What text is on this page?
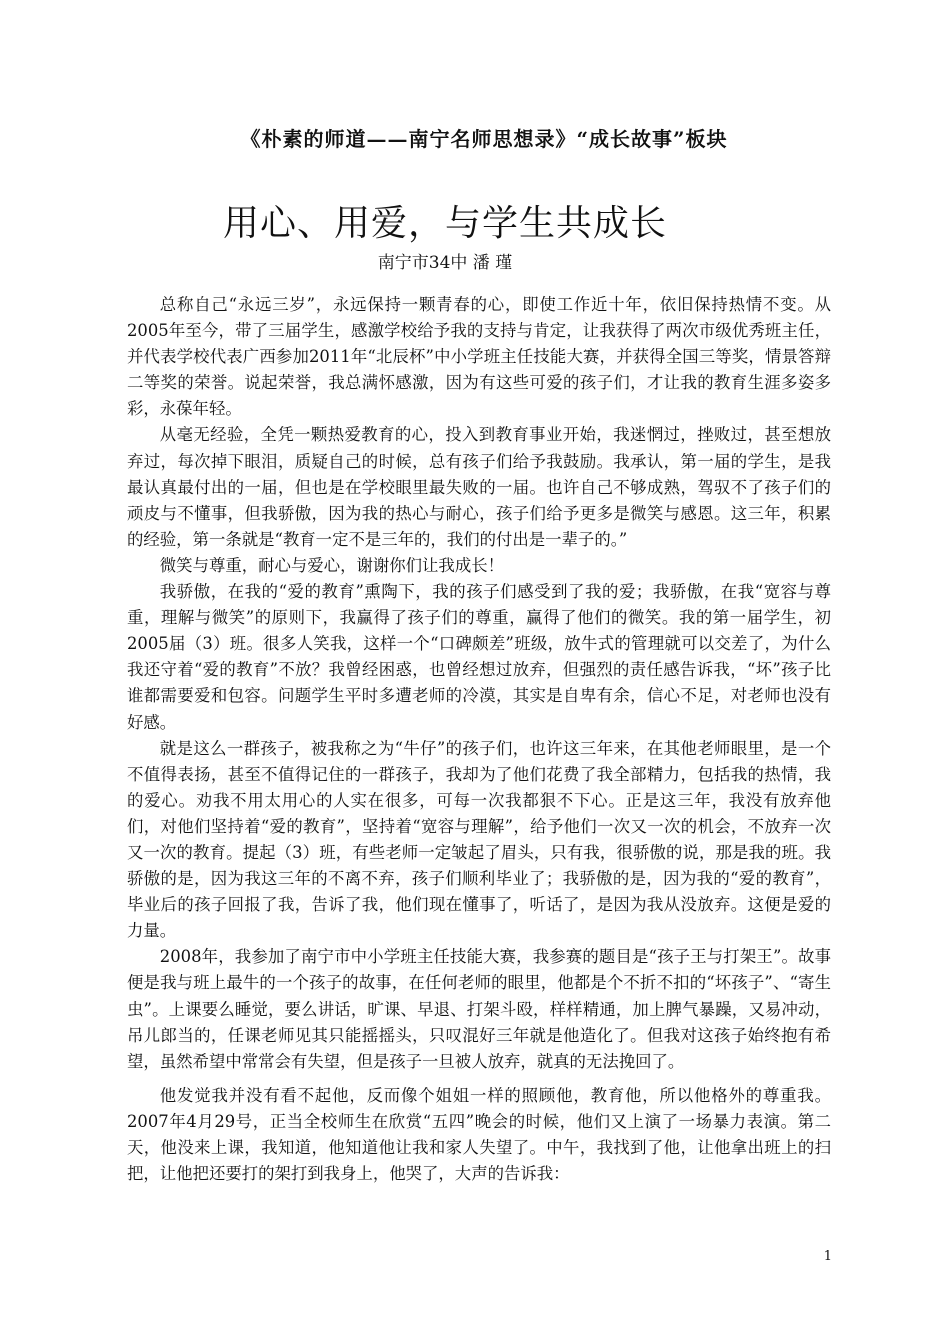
《朴素的师道——南宁名师思想录》“成长故事”板块
用心、用爱，与学生共成长
南宁市34中 潘 瑾

总称自己“永远三岁”，永远保持一颗青春的心，即使工作近十年，依旧保持热情不变。从2005年至今，带了三届学生，感激学校给予我的支持与肯定，让我获得了两次市级优秀班主任，并代表学校代表广西参加2011年“北辰杯”中小学班主任技能大赛，并获得全国三等奖，情景答辩二等奖的荣誉。说起荣誉，我总满怀感激，因为有这些可爱的孩子们，才让我的教育生涯多姿多彩，永葆年轻。

从毫无经验，全凭一颗热爱教育的心，投入到教育事业开始，我迷惘过，挫败过，甚至想放弃过，每次掉下眼泪，质疑自己的时候，总有孩子们给予我鼓励。我承认，第一届的学生，是我最认真最付出的一届，但也是在学校眼里最失败的一届。也许自己不够成熟，驾驭不了孩子们的顽皮与不懂事，但我骄傲，因为我的热心与耐心，孩子们给予更多是微笑与感恩。这三年，积累的经验，第一条就是“教育一定不是三年的，我们的付出是一辈子的。”

微笑与尊重，耐心与爱心，谢谢你们让我成长！

我骄傲，在我的“爱的教育”熏陶下，我的孩子们感受到了我的爱；我骄傲，在我“宽容与尊重，理解与微笑”的原则下，我赢得了孩子们的尊重，赢得了他们的微笑。我的第一届学生，初2005届（3）班。很多人笑我，这样一个“口碑颇差”班级，放牛式的管理就可以交差了，为什么我还守着“爱的教育”不放？我曾经困惑，也曾经想过放弃，但强烈的责任感告诉我，“坏”孩子比谁都需要爱和包容。问题学生平时多遭老师的冷漠，其实是自卑有余，信心不足，对老师也没有好感。

就是这么一群孩子，被我称之为“牛仔”的孩子们，也许这三年来，在其他老师眼里，是一个不值得表扬，甚至不值得记住的一群孩子，我却为了他们花费了我全部精力，包括我的热情，我的爱心。劝我不用太用心的人实在很多，可每一次我都狠不下心。正是这三年，我没有放弃他们，对他们坚持着“爱的教育”，坚持着“宽容与理解”，给予他们一次又一次的机会，不放弃一次又一次的教育。提起（3）班，有些老师一定皱起了眉头，只有我，很骄傲的说，那是我的班。我骄傲的是，因为我这三年的不离不弃，孩子们顺利毕业了；我骄傲的是，因为我的“爱的教育”，毕业后的孩子回报了我，告诉了我，他们现在懂事了，听话了，是因为我从没放弃。这便是爱的力量。

2008年，我参加了南宁市中小学班主任技能大赛，我参赛的题目是“孩子王与打架王”。故事便是我与班上最牛的一个孩子的故事，在任何老师的眼里，他都是个不折不扣的“坏孩子”、“寄生虫”。上课要么睡觉，要么讲话，旷课、早退、打架斗殴，样样精通，加上脾气暴躁，又易冲动，吊儿郎当的，任课老师见其只能摇摇头，只叹混好三年就是他造化了。但我对这孩子始终抱有希望，虽然希望中常常会有失望，但是孩子一旦被人放弃，就真的无法挽回了。

他发觉我并没有看不起他，反而像个姐姐一样的照顾他，教育他，所以他格外的尊重我。2007年4月29号，正当全校师生在欣赏“五四”晚会的时候，他们又上演了一场暴力表演。第二天，他没来上课，我知道，他知道他让我和家人失望了。中午，我找到了他，让他拿出班上的扫把，让他把还要打的架打到我身上，他哭了，大声的告诉我：

1
